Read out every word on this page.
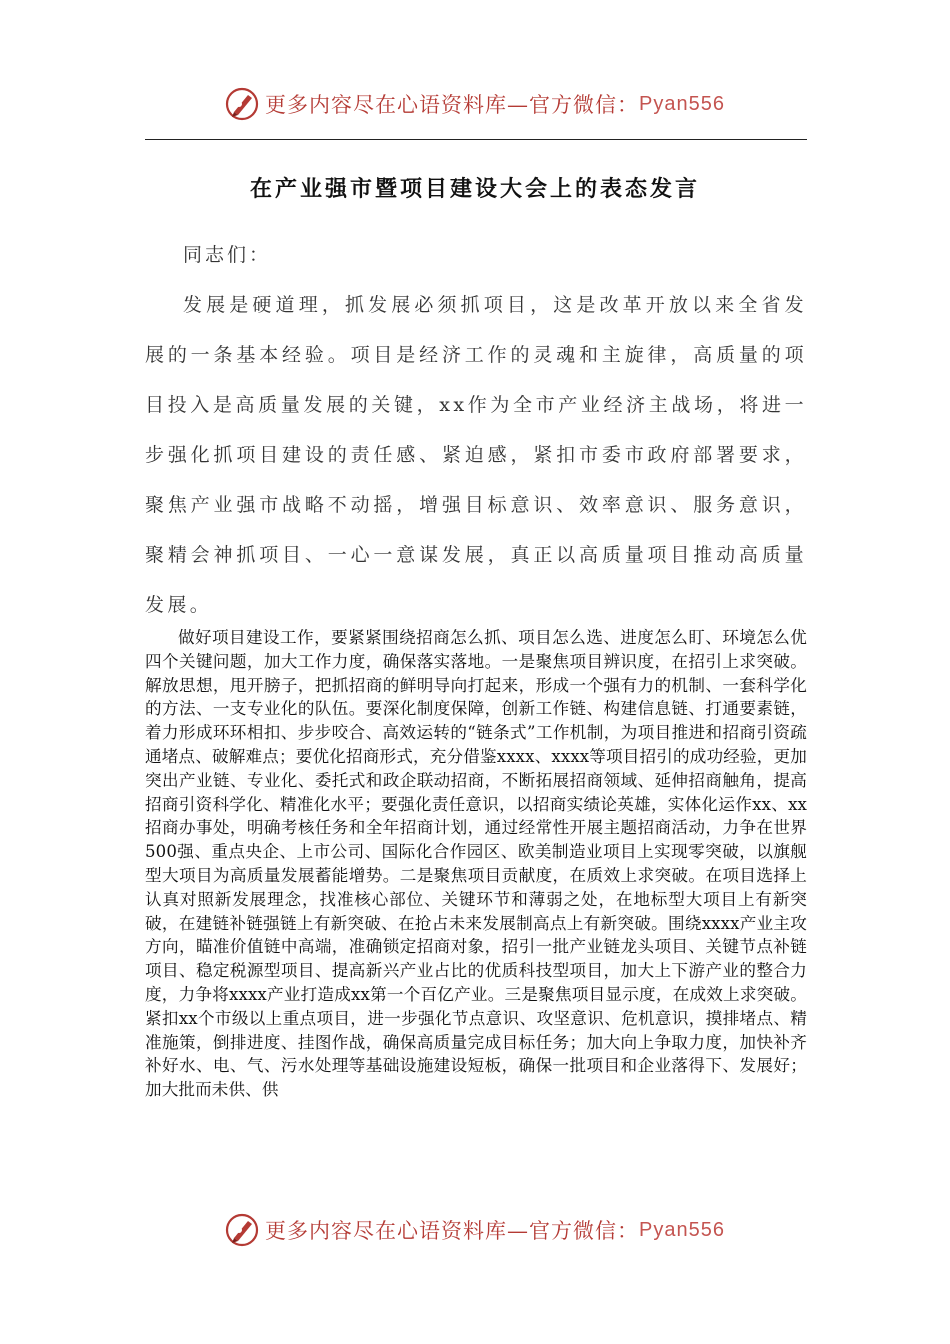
更多内容尽在心语资料库—官方微信： Pyan556
在产业强市暨项目建设大会上的表态发言

同志们：

发展是硬道理，抓发展必须抓项目，这是改革开放以来全省发展的一条基本经验。项目是经济工作的灵魂和主旋律，高质量的项目投入是高质量发展的关键，xx作为全市产业经济主战场，将进一步强化抓项目建设的责任感、紧迫感，紧扣市委市政府部署要求，聚焦产业强市战略不动摇，增强目标意识、效率意识、服务意识，聚精会神抓项目、一心一意谋发展，真正以高质量项目推动高质量发展。

做好项目建设工作，要紧紧围绕招商怎么抓、项目怎么选、进度怎么盯、环境怎么优四个关键问题，加大工作力度，确保落实落地。一是聚焦项目辨识度，在招引上求突破。解放思想，甩开膀子，把抓招商的鲜明导向打起来，形成一个强有力的机制、一套科学化的方法、一支专业化的队伍。要深化制度保障，创新工作链、构建信息链、打通要素链，着力形成环环相扣、步步咬合、高效运转的“链条式”工作机制，为项目推进和招商引资疏通堵点、破解难点；要优化招商形式，充分借鉴xxxx、xxxx等项目招引的成功经验，更加突出产业链、专业化、委托式和政企联动招商，不断拓展招商领域、延伸招商触角，提高招商引资科学化、精准化水平；要强化责任意识，以招商实绩论英雄，实体化运作xx、xx招商办事处，明确考核任务和全年招商计划，通过经常性开展主题招商活动，力争在世界500强、重点央企、上市公司、国际化合作园区、欧美制造业项目上实现零突破，以旗舰型大项目为高质量发展蓄能增势。二是聚焦项目贡献度，在质效上求突破。在项目选择上认真对照新发展理念，找准核心部位、关键环节和薄弱之处，在地标型大项目上有新突破，在建链补链强链上有新突破、在抢占未来发展制高点上有新突破。围绕xxxx产业主攻方向，瞄准价值链中高端，准确锁定招商对象，招引一批产业链龙头项目、关键节点补链项目、稳定税源型项目、提高新兴产业占比的优质科技型项目，加大上下游产业的整合力度，力争将xxxx产业打造成xx第一个百亿产业。三是聚焦项目显示度，在成效上求突破。紧扣xx个市级以上重点项目，进一步强化节点意识、攻坚意识、危机意识，摸排堵点、精准施策，倒排进度、挂图作战，确保高质量完成目标任务；加大向上争取力度，加快补齐补好水、电、气、污水处理等基础设施建设短板，确保一批项目和企业落得下、发展好；加大批而未供、供

更多内容尽在心语资料库—官方微信： Pyan556
